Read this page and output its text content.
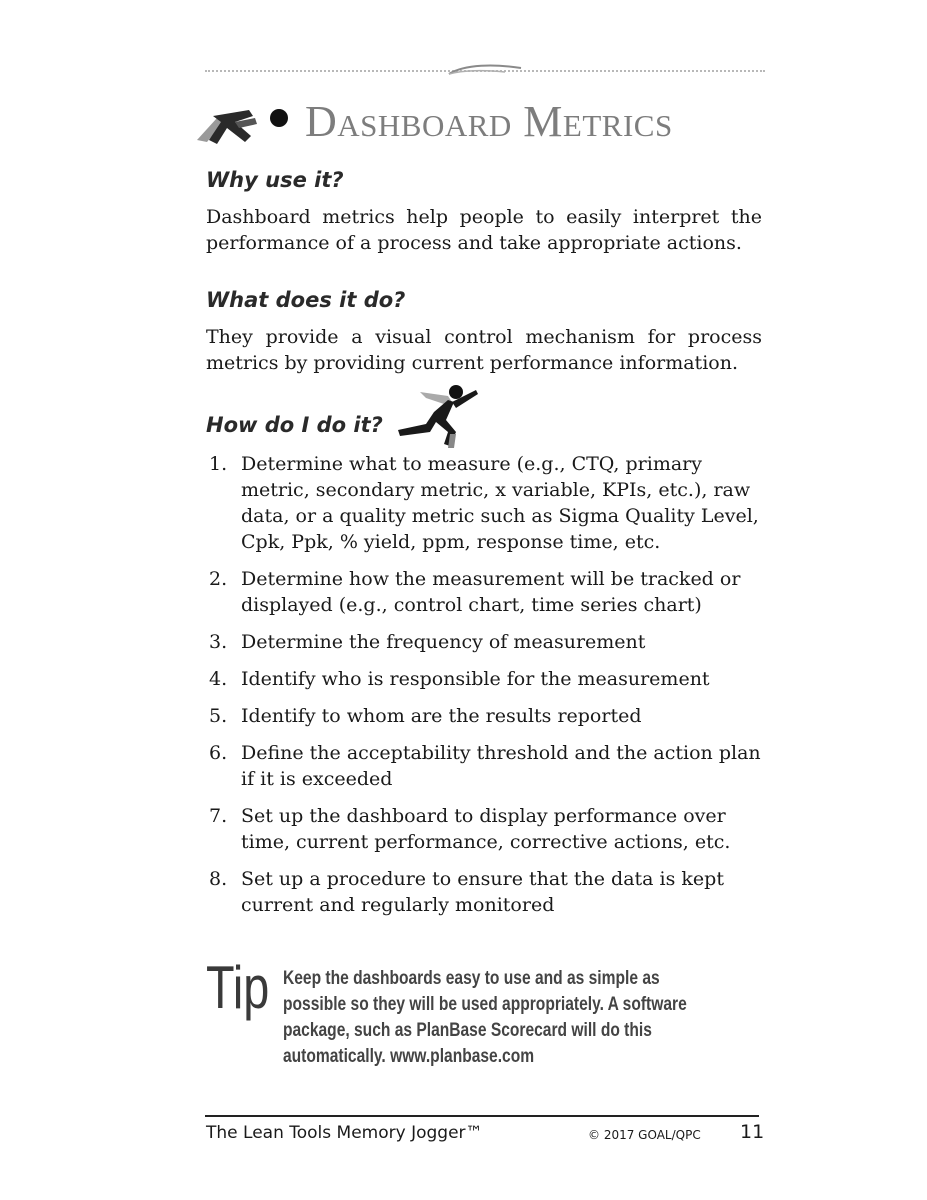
Dashboard Metrics
Why use it?

Dashboard metrics help people to easily interpret the performance of a process and take appropriate actions.

What does it do?

They provide a visual control mechanism for process metrics by providing current performance information.

How do I do it?
1. Determine what to measure (e.g., CTQ, primary metric, secondary metric, x variable, KPIs, etc.), raw data, or a quality metric such as Sigma Quality Level, Cpk, Ppk, % yield, ppm, response time, etc.
2. Determine how the measurement will be tracked or displayed (e.g., control chart, time series chart)
3. Determine the frequency of measurement
4. Identify who is responsible for the measurement
5. Identify to whom are the results reported
6. Define the acceptability threshold and the action plan if it is exceeded
7. Set up the dashboard to display performance over time, current performance, corrective actions, etc.
8. Set up a procedure to ensure that the data is kept current and regularly monitored
Tip Keep the dashboards easy to use and as simple as possible so they will be used appropriately. A software package, such as PlanBase Scorecard will do this automatically. www.planbase.com

The Lean Tools Memory Jogger™	© 2017 GOAL/QPC 11
